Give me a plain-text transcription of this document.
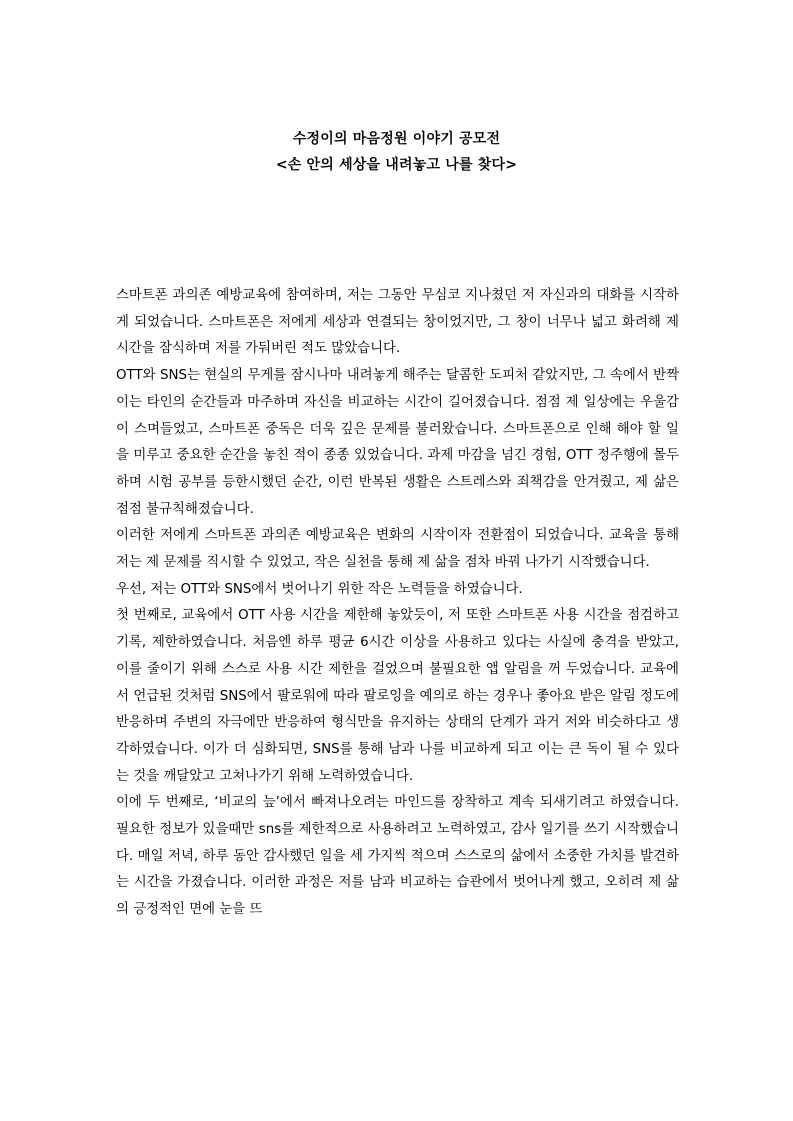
수정이의 마음정원 이야기 공모전

<손 안의 세상을 내려놓고 나를 찾다>

스마트폰 과의존 예방교육에 참여하며, 저는 그동안 무심코 지나쳤던 저 자신과의 대화를 시작하게 되었습니다. 스마트폰은 저에게 세상과 연결되는 창이었지만, 그 창이 너무나 넓고 화려해 제 시간을 잠식하며 저를 가둬버린 적도 많았습니다.

OTT와 SNS는 현실의 무게를 잠시나마 내려놓게 해주는 달콤한 도피처 같았지만, 그 속에서 반짝이는 타인의 순간들과 마주하며 자신을 비교하는 시간이 길어졌습니다. 점점 제 일상에는 우울감이 스며들었고, 스마트폰 중독은 더욱 깊은 문제를 불러왔습니다. 스마트폰으로 인해 해야 할 일을 미루고 중요한 순간을 놓친 적이 종종 있었습니다. 과제 마감을 넘긴 경험, OTT 정주행에 몰두하며 시험 공부를 등한시했던 순간, 이런 반복된 생활은 스트레스와 죄책감을 안겨줬고, 제 삶은 점점 불규칙해졌습니다.

이러한 저에게 스마트폰 과의존 예방교육은 변화의 시작이자 전환점이 되었습니다. 교육을 통해 저는 제 문제를 직시할 수 있었고, 작은 실천을 통해 제 삶을 점차 바꿔 나가기 시작했습니다.

우선, 저는 OTT와 SNS에서 벗어나기 위한 작은 노력들을 하였습니다.

첫 번째로, 교육에서 OTT 사용 시간을 제한해 놓았듯이, 저 또한 스마트폰 사용 시간을 점검하고 기록, 제한하였습니다. 처음엔 하루 평균 6시간 이상을 사용하고 있다는 사실에 충격을 받았고, 이를 줄이기 위해 스스로 사용 시간 제한을 걸었으며 불필요한 앱 알림을 꺼 두었습니다. 교육에서 언급된 것처럼 SNS에서 팔로워에 따라 팔로잉을 예의로 하는 경우나 좋아요 받은 알림 정도에 반응하며 주변의 자극에만 반응하여 형식만을 유지하는 상태의 단계가 과거 저와 비슷하다고 생각하였습니다. 이가 더 심화되면, SNS를 통해 남과 나를 비교하게 되고 이는 큰 독이 될 수 있다는 것을 깨달았고 고쳐나가기 위해 노력하였습니다.

이에 두 번째로, ‘비교의 늪’에서 빠져나오려는 마인드를 장착하고 계속 되새기려고 하였습니다. 필요한 정보가 있을때만 sns를 제한적으로 사용하려고 노력하였고, 감사 일기를 쓰기 시작했습니다. 매일 저녁, 하루 동안 감사했던 일을 세 가지씩 적으며 스스로의 삶에서 소중한 가치를 발견하는 시간을 가졌습니다. 이러한 과정은 저를 남과 비교하는 습관에서 벗어나게 했고, 오히려 제 삶의 긍정적인 면에 눈을 뜨
